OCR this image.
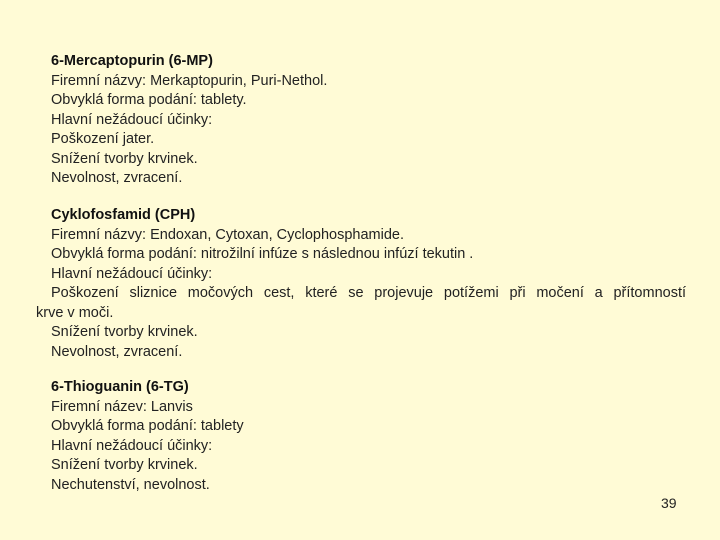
6-Mercaptopurin (6-MP)
Firemní názvy: Merkaptopurin, Puri-Nethol.
Obvyklá forma podání: tablety.
Hlavní nežádoucí účinky:
Poškození jater.
Snížení tvorby krvinek.
Nevolnost, zvracení.
Cyklofosfamid (CPH)
Firemní názvy: Endoxan, Cytoxan, Cyclophosphamide.
Obvyklá forma podání: nitrožilní infúze s následnou infúzí tekutin .
Hlavní nežádoucí účinky:
Poškození sliznice močových cest, které se projevuje potížemi při močení a přítomností
krve v moči.
Snížení tvorby krvinek.
Nevolnost, zvracení.
6-Thioguanin (6-TG)
Firemní název: Lanvis
Obvyklá forma podání: tablety
Hlavní nežádoucí účinky:
Snížení tvorby krvinek.
Nechutenství, nevolnost.
39
